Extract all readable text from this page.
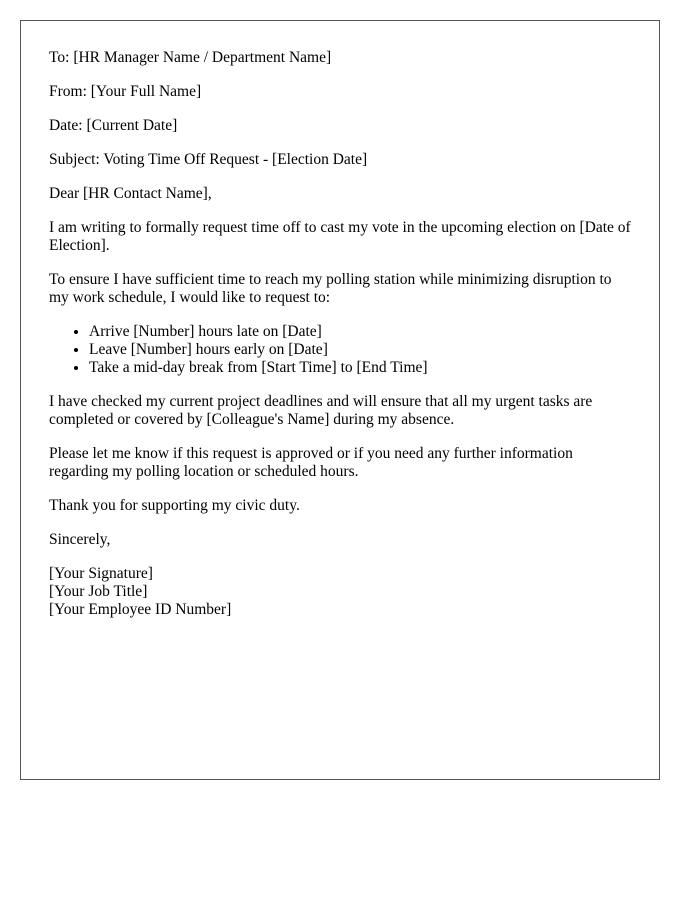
To: [HR Manager Name / Department Name]

From: [Your Full Name]

Date: [Current Date]

Subject: Voting Time Off Request - [Election Date]

Dear [HR Contact Name],

I am writing to formally request time off to cast my vote in the upcoming election on [Date of Election].

To ensure I have sufficient time to reach my polling station while minimizing disruption to my work schedule, I would like to request to:

• Arrive [Number] hours late on [Date]
• Leave [Number] hours early on [Date]
• Take a mid-day break from [Start Time] to [End Time]

I have checked my current project deadlines and will ensure that all my urgent tasks are completed or covered by [Colleague's Name] during my absence.

Please let me know if this request is approved or if you need any further information regarding my polling location or scheduled hours.

Thank you for supporting my civic duty.

Sincerely,

[Your Signature]
[Your Job Title]
[Your Employee ID Number]
